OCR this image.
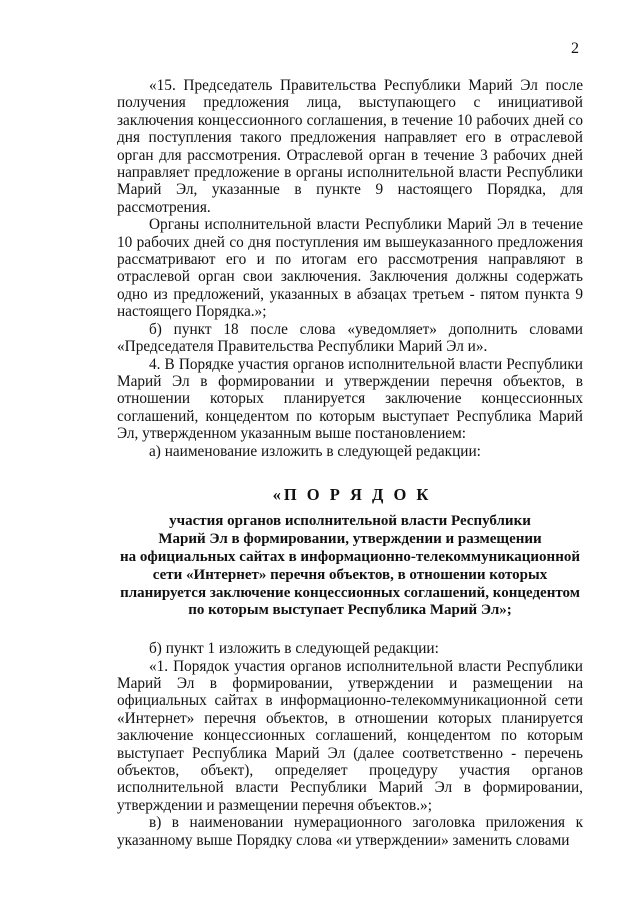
2

«15. Председатель Правительства Республики Марий Эл после получения предложения лица, выступающего с инициативой заключения концессионного соглашения, в течение 10 рабочих дней со дня поступления такого предложения направляет его в отраслевой орган для рассмотрения. Отраслевой орган в течение 3 рабочих дней направляет предложение в органы исполнительной власти Республики Марий Эл, указанные в пункте 9 настоящего Порядка, для рассмотрения.

Органы исполнительной власти Республики Марий Эл в течение 10 рабочих дней со дня поступления им вышеуказанного предложения рассматривают его и по итогам его рассмотрения направляют в отраслевой орган свои заключения. Заключения должны содержать одно из предложений, указанных в абзацах третьем - пятом пункта 9 настоящего Порядка.»;

б) пункт 18 после слова «уведомляет» дополнить словами «Председателя Правительства Республики Марий Эл и».

4. В Порядке участия органов исполнительной власти Республики Марий Эл в формировании и утверждении перечня объектов, в отношении которых планируется заключение концессионных соглашений, концедентом по которым выступает Республика Марий Эл, утвержденном указанным выше постановлением:

а) наименование изложить в следующей редакции:

«П О Р Я Д О К
участия органов исполнительной власти Республики
Марий Эл в формировании, утверждении и размещении
на официальных сайтах в информационно-телекоммуникационной
сети «Интернет» перечня объектов, в отношении которых
планируется заключение концессионных соглашений, концедентом
по которым выступает Республика Марий Эл»;

б) пункт 1 изложить в следующей редакции:

«1. Порядок участия органов исполнительной власти Республики Марий Эл в формировании, утверждении и размещении на официальных сайтах в информационно-телекоммуникационной сети «Интернет» перечня объектов, в отношении которых планируется заключение концессионных соглашений, концедентом по которым выступает Республика Марий Эл (далее соответственно - перечень объектов, объект), определяет процедуру участия органов исполнительной власти Республики Марий Эл в формировании, утверждении и размещении перечня объектов.»;

в) в наименовании нумерационного заголовка приложения к указанному выше Порядку слова «и утверждении» заменить словами
